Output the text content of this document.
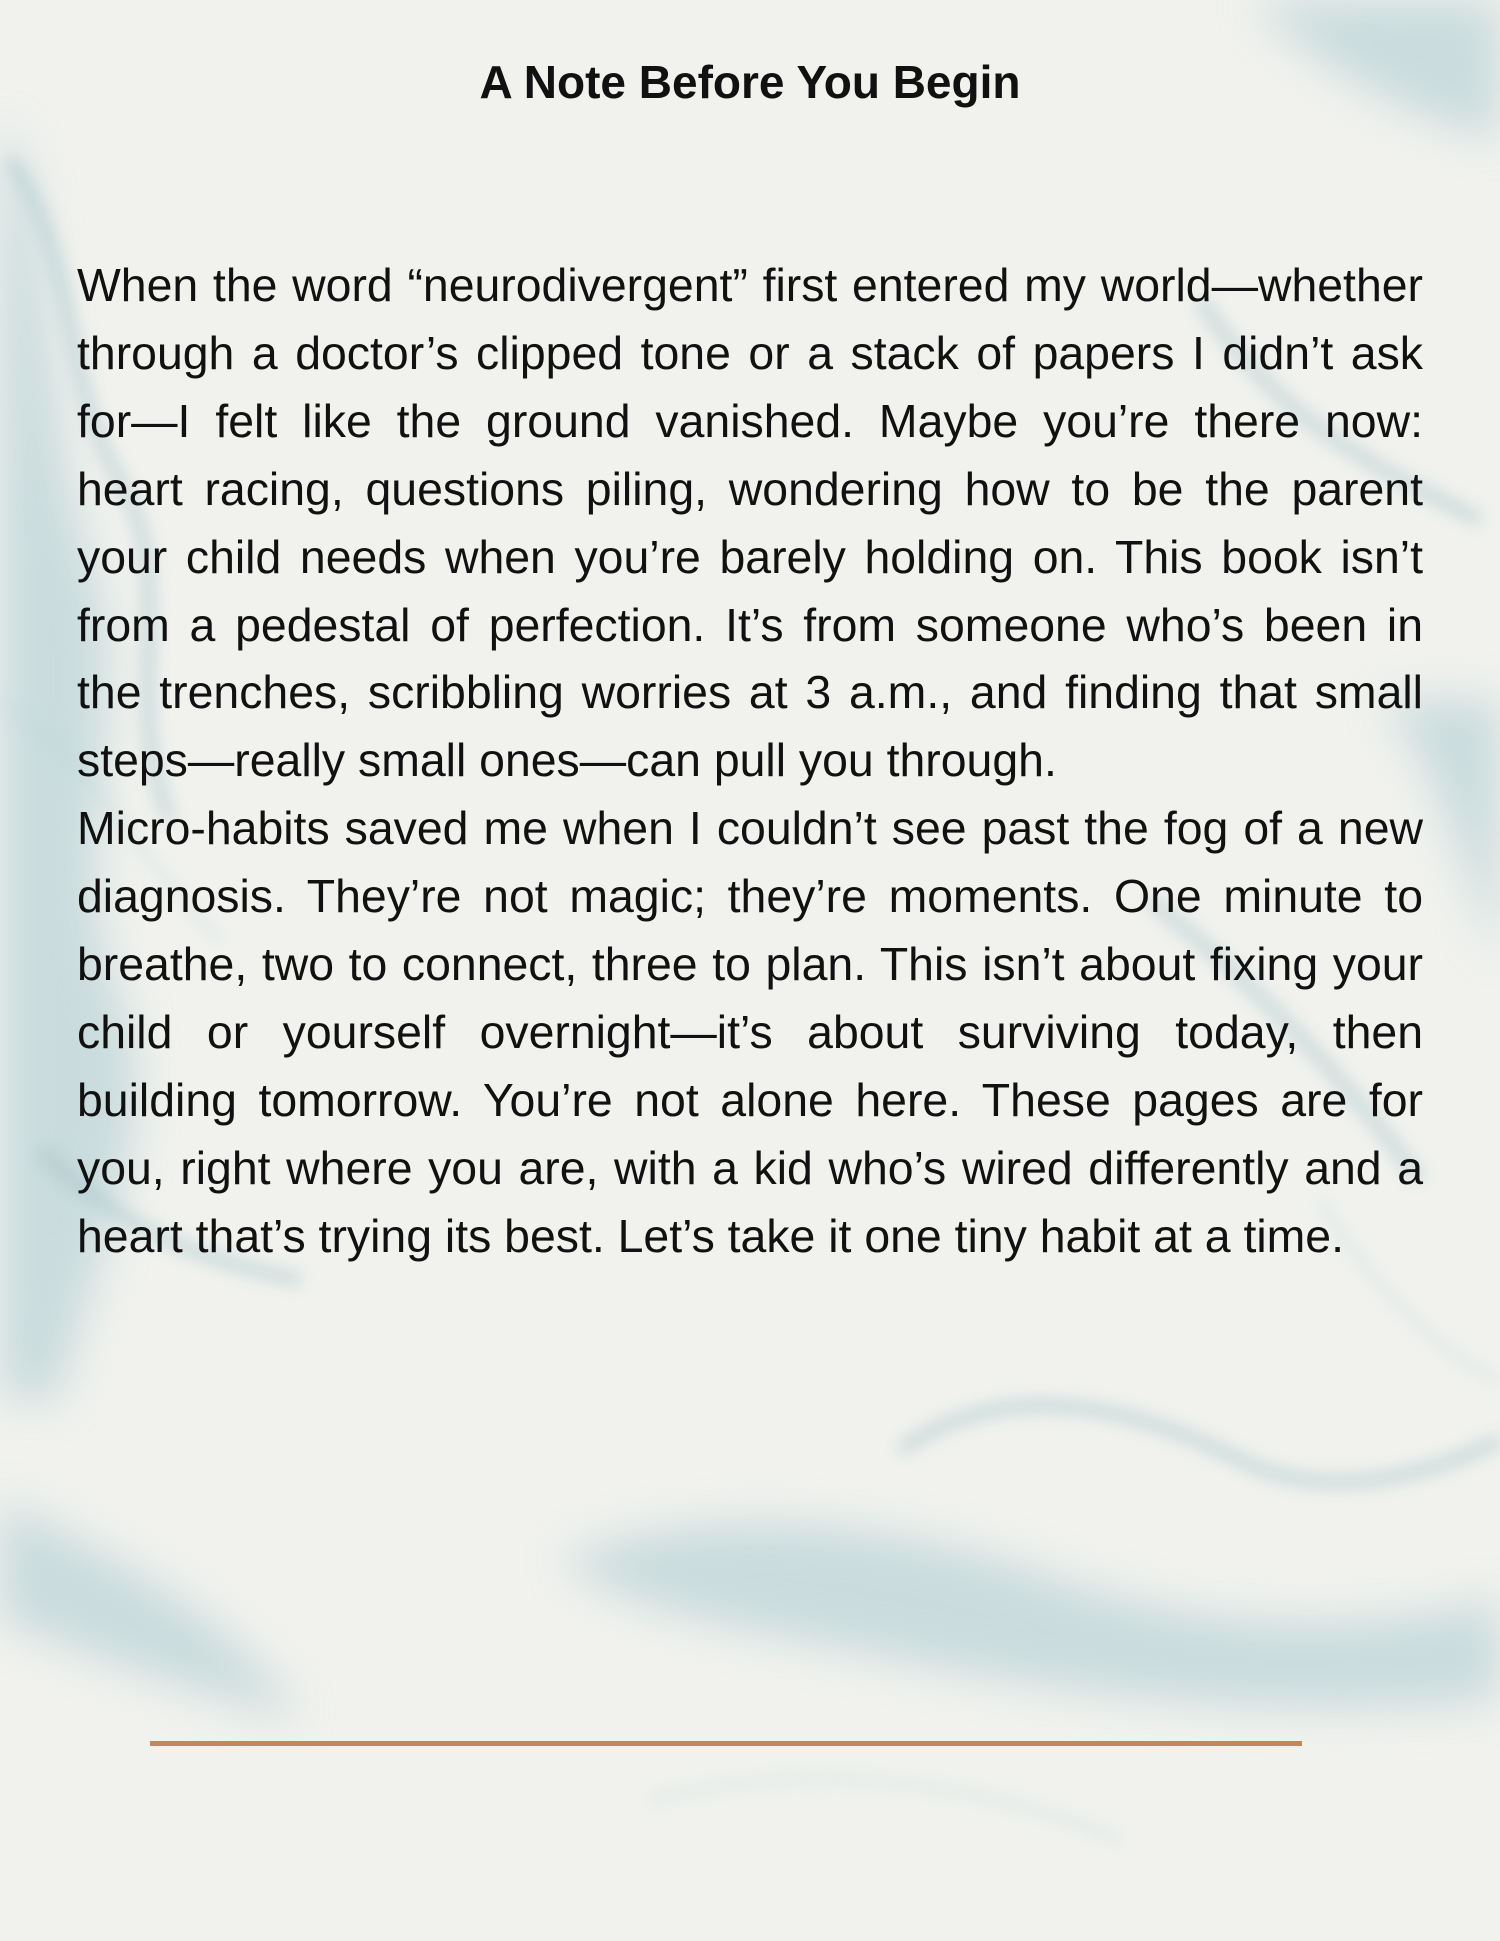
A Note Before You Begin

When the word “neurodivergent” first entered my world—whether through a doctor’s clipped tone or a stack of papers I didn’t ask for—I felt like the ground vanished. Maybe you’re there now: heart racing, questions piling, wondering how to be the parent your child needs when you’re barely holding on. This book isn’t from a pedestal of perfection. It’s from someone who’s been in the trenches, scribbling worries at 3 a.m., and finding that small steps—really small ones—can pull you through.

Micro-habits saved me when I couldn’t see past the fog of a new diagnosis. They’re not magic; they’re moments. One minute to breathe, two to connect, three to plan. This isn’t about fixing your child or yourself overnight—it’s about surviving today, then building tomorrow. You’re not alone here. These pages are for you, right where you are, with a kid who’s wired differently and a heart that’s trying its best. Let’s take it one tiny habit at a time.
